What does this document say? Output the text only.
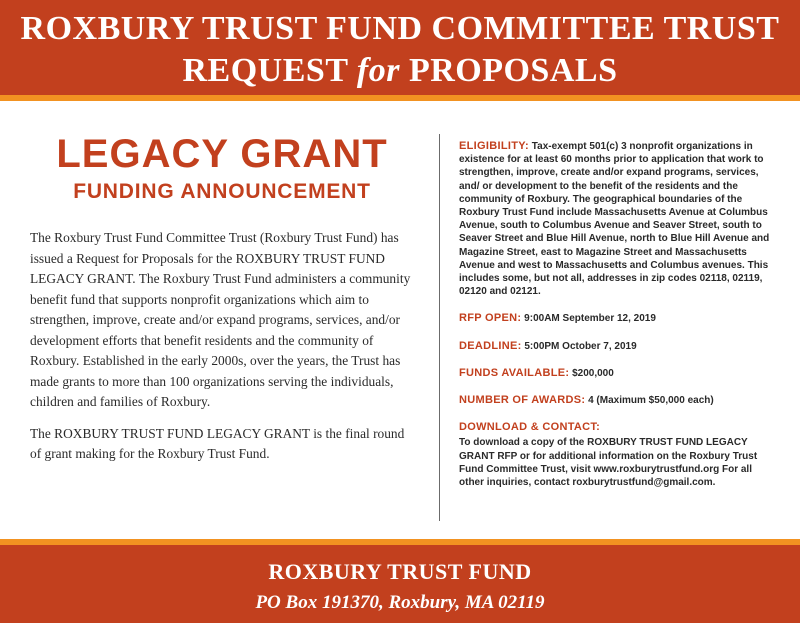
ROXBURY TRUST FUND COMMITTEE TRUST
REQUEST for PROPOSALS
LEGACY GRANT
FUNDING ANNOUNCEMENT

The Roxbury Trust Fund Committee Trust (Roxbury Trust Fund) has issued a Request for Proposals for the ROXBURY TRUST FUND LEGACY GRANT. The Roxbury Trust Fund administers a community benefit fund that supports nonprofit organizations which aim to strengthen, improve, create and/or expand programs, services, and/or development efforts that benefit residents and the community of Roxbury. Established in the early 2000s, over the years, the Trust has made grants to more than 100 organizations serving the individuals, children and families of Roxbury.

The ROXBURY TRUST FUND LEGACY GRANT is the final round of grant making for the Roxbury Trust Fund.

ELIGIBILITY: Tax-exempt 501(c) 3 nonprofit organizations in existence for at least 60 months prior to application that work to strengthen, improve, create and/or expand programs, services, and/ or development to the benefit of the residents and the community of Roxbury. The geographical boundaries of the Roxbury Trust Fund include Massachusetts Avenue at Columbus Avenue, south to Columbus Avenue and Seaver Street, south to Seaver Street and Blue Hill Avenue, north to Blue Hill Avenue and Magazine Street, east to Magazine Street and Massachusetts Avenue and west to Massachusetts and Columbus avenues. This includes some, but not all, addresses in zip codes 02118, 02119, 02120 and 02121.
RFP OPEN: 9:00AM September 12, 2019
DEADLINE: 5:00PM October 7, 2019
FUNDS AVAILABLE: $200,000
NUMBER OF AWARDS: 4 (Maximum $50,000 each)
DOWNLOAD & CONTACT:
To download a copy of the ROXBURY TRUST FUND LEGACY GRANT RFP or for additional information on the Roxbury Trust Fund Committee Trust, visit www.roxburytrustfund.org For all other inquiries, contact roxburytrustfund@gmail.com.
ROXBURY TRUST FUND
PO Box 191370, Roxbury, MA 02119
